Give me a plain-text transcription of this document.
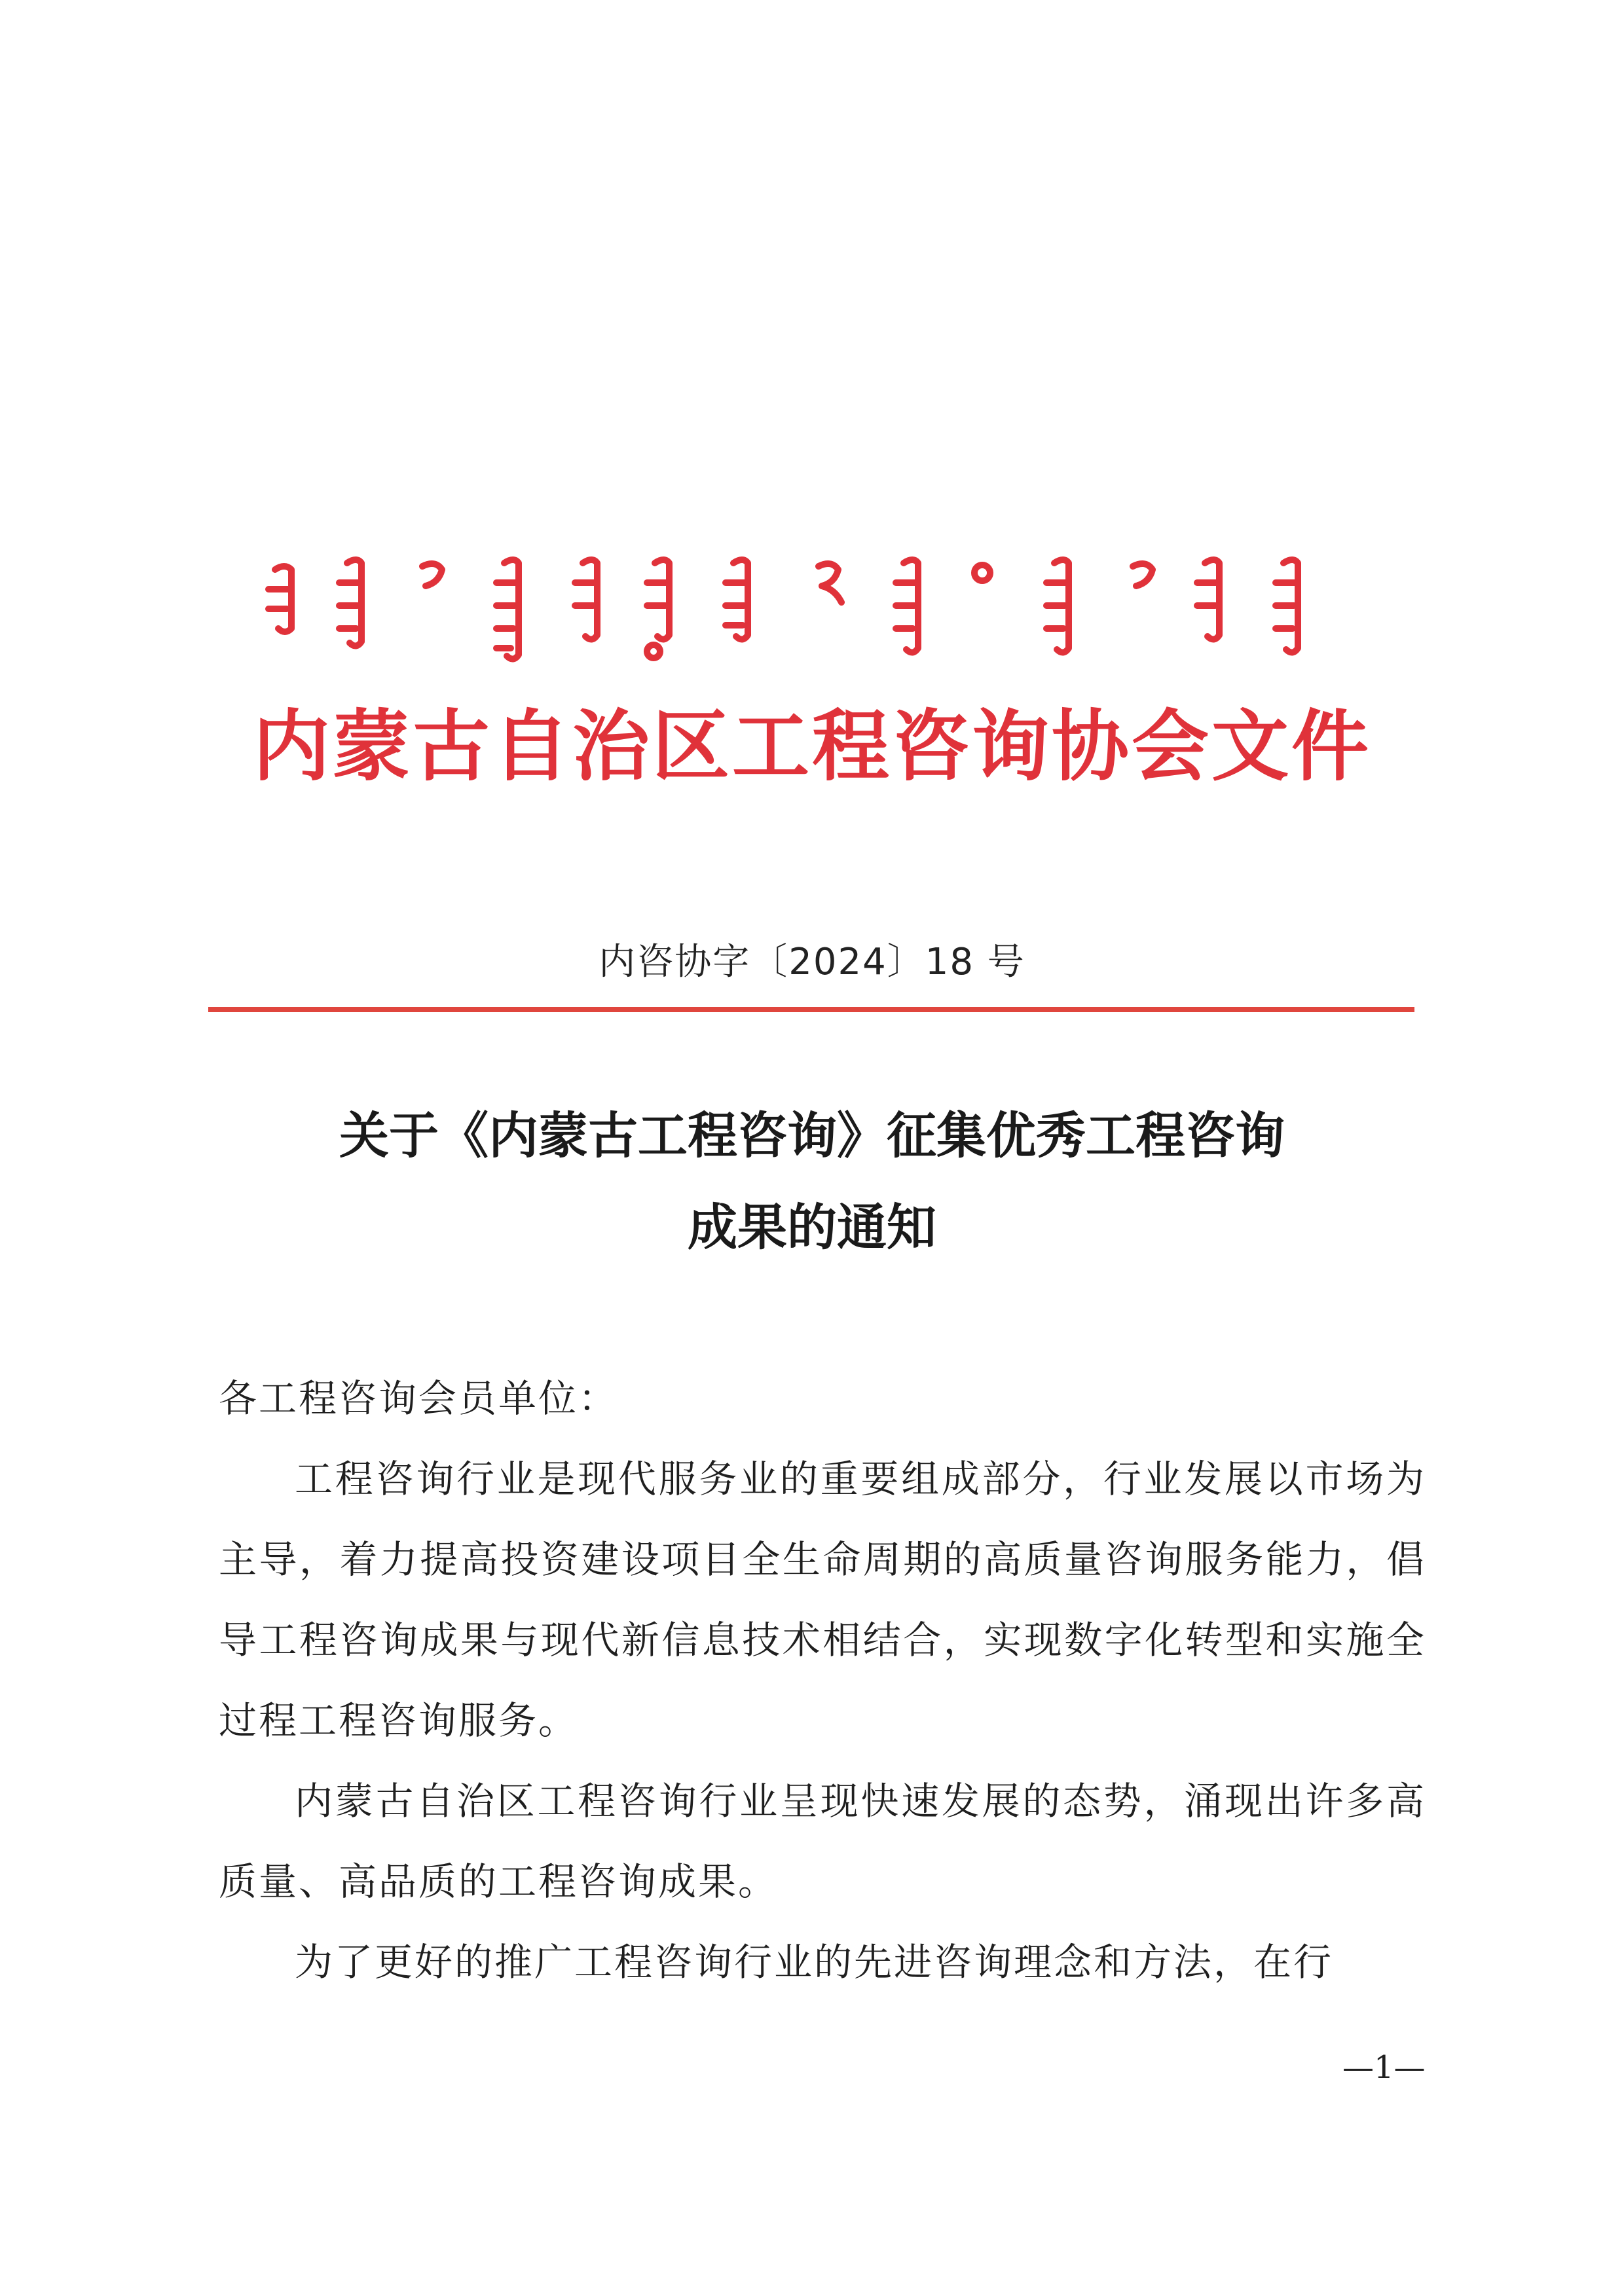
内蒙古自治区工程咨询协会文件
内咨协字〔2024〕18 号
关于《内蒙古工程咨询》征集优秀工程咨询
成果的通知

各工程咨询会员单位：

工程咨询行业是现代服务业的重要组成部分，行业发展以市场为主导，着力提高投资建设项目全生命周期的高质量咨询服务能力，倡导工程咨询成果与现代新信息技术相结合，实现数字化转型和实施全过程工程咨询服务。

内蒙古自治区工程咨询行业呈现快速发展的态势，涌现出许多高质量、高品质的工程咨询成果。

为了更好的推广工程咨询行业的先进咨询理念和方法，在行

—1—
